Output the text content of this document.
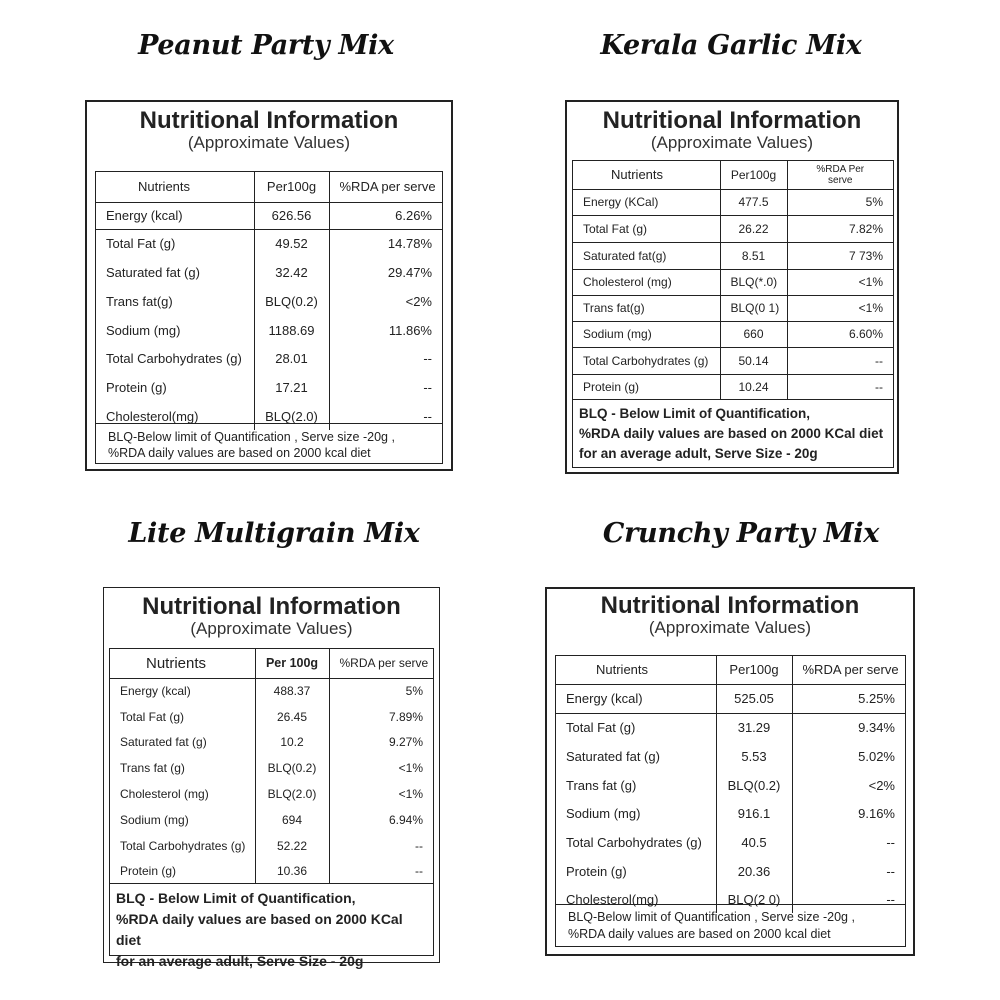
Peanut Party Mix
Nutritional Information
(Approximate Values)
Nutrients	Per100g	%RDA per serve
Energy (kcal)	626.56	6.26%
Total Fat (g)	49.52	14.78%
Saturated fat (g)	32.42	29.47%
Trans fat(g)	BLQ(0.2)	<2%
Sodium (mg)	1188.69	11.86%
Total Carbohydrates (g)	28.01	--
Protein (g)	17.21	--
Cholesterol(mg)	BLQ(2.0)	--

BLQ-Below limit of Quantification , Serve size -20g ,

%RDA daily values are based on 2000 kcal diet

Kerala Garlic Mix
Nutritional Information
(Approximate Values)
Nutrients	Per100g	%RDA Per serve
Energy (KCal)	477.5	5%
Total Fat (g)	26.22	7.82%
Saturated fat(g)	8.51	7 73%
Cholesterol (mg)	BLQ(*.0)	<1%
Trans fat(g)	BLQ(0 1)	<1%
Sodium (mg)	660	6.60%
Total Carbohydrates (g)	50.14	--
Protein (g)	10.24	--

BLQ - Below Limit of Quantification,

%RDA daily values are based on 2000 KCal diet

for an average adult, Serve Size - 20g

Lite Multigrain Mix
Nutritional Information
(Approximate Values)
Nutrients	Per 100g	%RDA per serve
Energy (kcal)	488.37	5%
Total Fat (g)	26.45	7.89%
Saturated fat (g)	10.2	9.27%
Trans fat (g)	BLQ(0.2)	<1%
Cholesterol (mg)	BLQ(2.0)	<1%
Sodium (mg)	694	6.94%
Total Carbohydrates (g)	52.22	--
Protein (g)	10.36	--

BLQ - Below Limit of Quantification,

%RDA daily values are based on 2000 KCal diet

for an average adult, Serve Size - 20g

Crunchy Party Mix
Nutritional Information
(Approximate Values)
Nutrients	Per100g	%RDA per serve
Energy (kcal)	525.05	5.25%
Total Fat (g)	31.29	9.34%
Saturated fat (g)	5.53	5.02%
Trans fat (g)	BLQ(0.2)	<2%
Sodium (mg)	916.1	9.16%
Total Carbohydrates (g)	40.5	--
Protein (g)	20.36	--
Cholesterol(mg)	BLQ(2 0)	--

BLQ-Below limit of Quantification , Serve size -20g ,

%RDA daily values are based on 2000 kcal diet
